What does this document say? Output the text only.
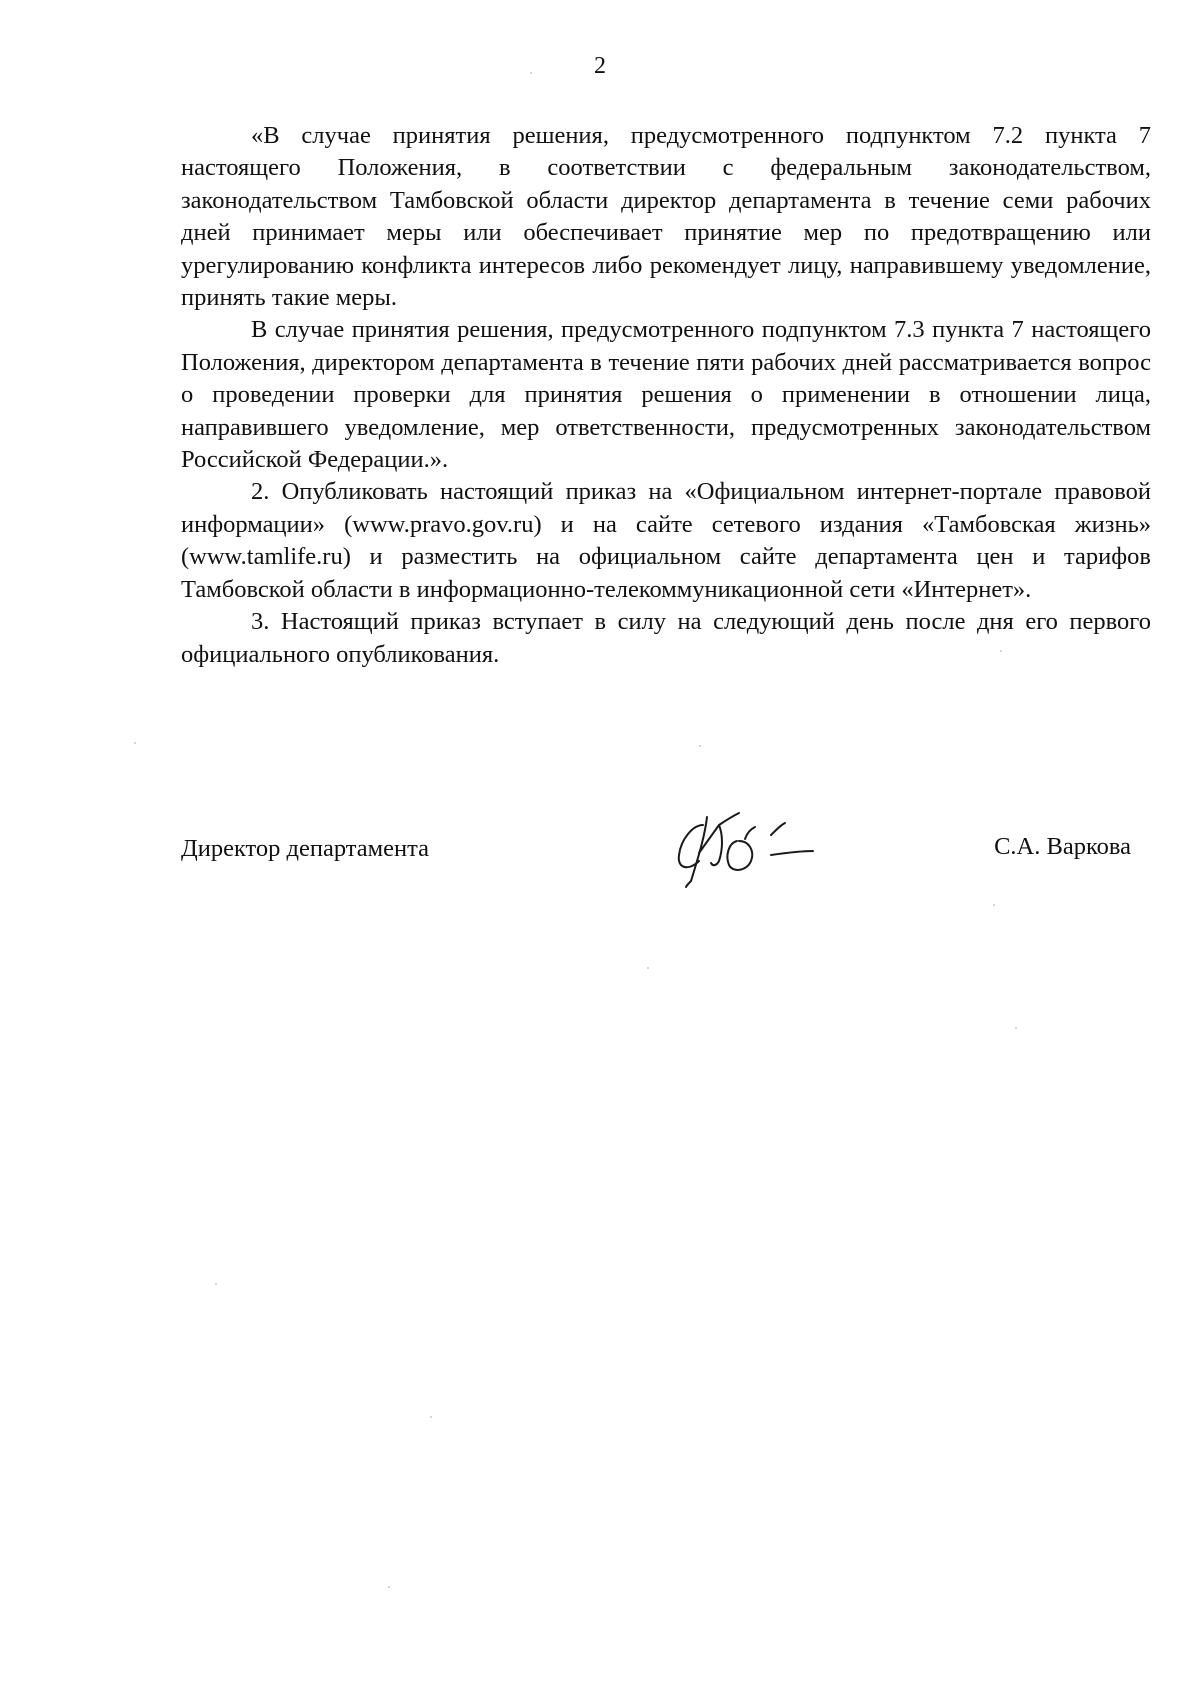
2

«В случае принятия решения, предусмотренного подпунктом 7.2 пункта 7 настоящего Положения, в соответствии с федеральным законодательством, законодательством Тамбовской области директор департамента в течение семи рабочих дней принимает меры или обеспечивает принятие мер по предотвращению или урегулированию конфликта интересов либо рекомендует лицу, направившему уведомление, принять такие меры.

В случае принятия решения, предусмотренного подпунктом 7.3 пункта 7 настоящего Положения, директором департамента в течение пяти рабочих дней рассматривается вопрос о проведении проверки для принятия решения о применении в отношении лица, направившего уведомление, мер ответственности, предусмотренных законодательством Российской Федерации.».

2. Опубликовать настоящий приказ на «Официальном интернет-портале правовой информации» (www.pravo.gov.ru) и на сайте сетевого издания «Тамбовская жизнь» (www.tamlife.ru) и разместить на официальном сайте департамента цен и тарифов Тамбовской области в информационно-телекоммуникационной сети «Интернет».

3. Настоящий приказ вступает в силу на следующий день после дня его первого официального опубликования.

Директор департамента	С.А. Варкова
